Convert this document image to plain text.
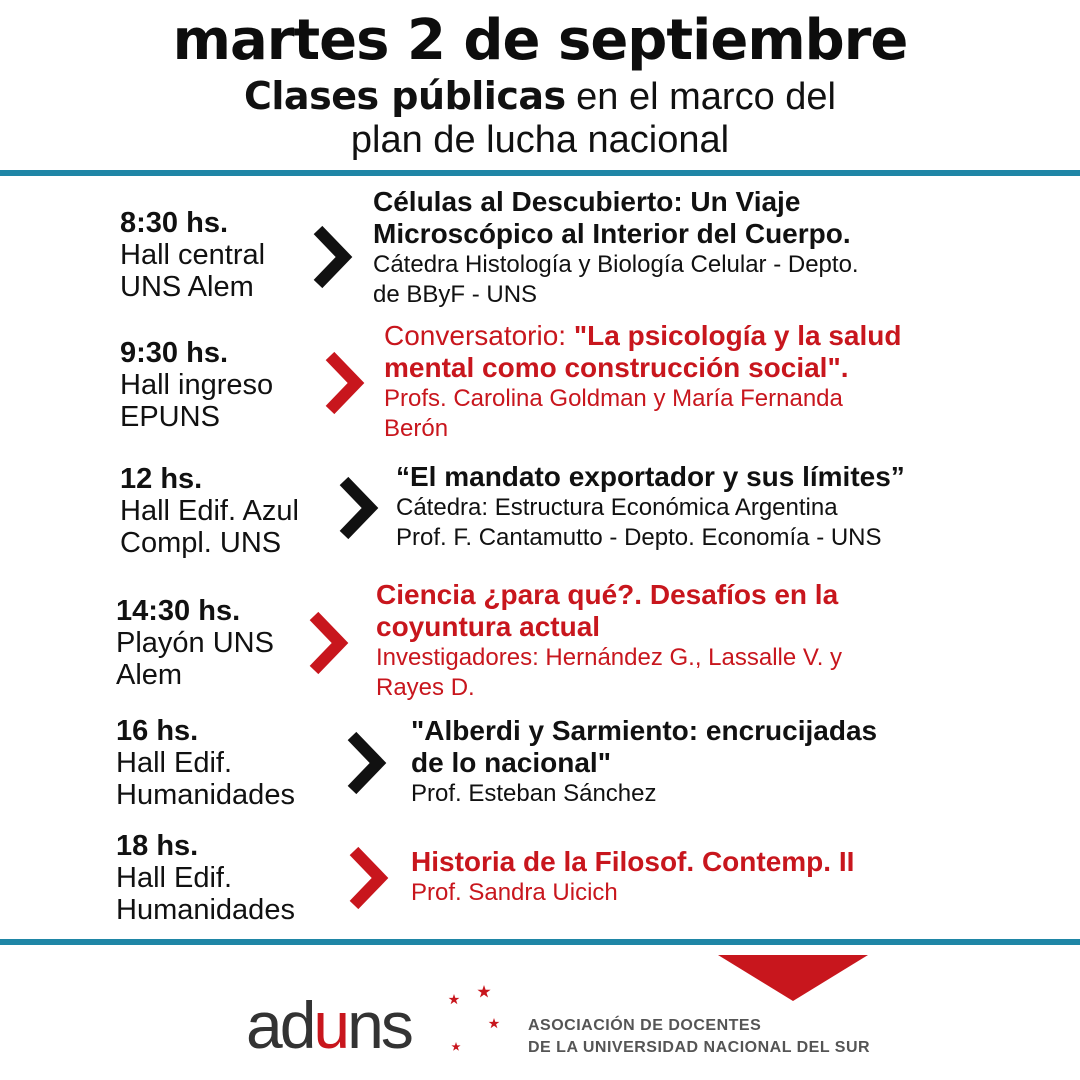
martes 2 de septiembre
Clases públicas en el marco del
plan de lucha nacional
8:30 hs.
Hall central
UNS Alem
Células al Descubierto: Un Viaje
Microscópico al Interior del Cuerpo.
Cátedra Histología y Biología Celular - Depto.
de BByF - UNS
9:30 hs.
Hall ingreso
EPUNS
Conversatorio: "La psicología y la salud
mental como construcción social".
Profs. Carolina Goldman y María Fernanda
Berón
12 hs.
Hall Edif. Azul
Compl. UNS
“El mandato exportador y sus límites”
Cátedra: Estructura Económica Argentina
Prof. F. Cantamutto - Depto. Economía - UNS
14:30 hs.
Playón UNS
Alem
Ciencia ¿para qué?. Desafíos en la
coyuntura actual
Investigadores: Hernández G., Lassalle V. y
Rayes D.
16 hs.
Hall Edif.
Humanidades
"Alberdi y Sarmiento: encrucijadas
de lo nacional"
Prof. Esteban Sánchez
18 hs.
Hall Edif.
Humanidades
Historia de la Filosof. Contemp. II
Prof. Sandra Uicich
aduns	ASOCIACIÓN DE DOCENTES
DE LA UNIVERSIDAD NACIONAL DEL SUR
